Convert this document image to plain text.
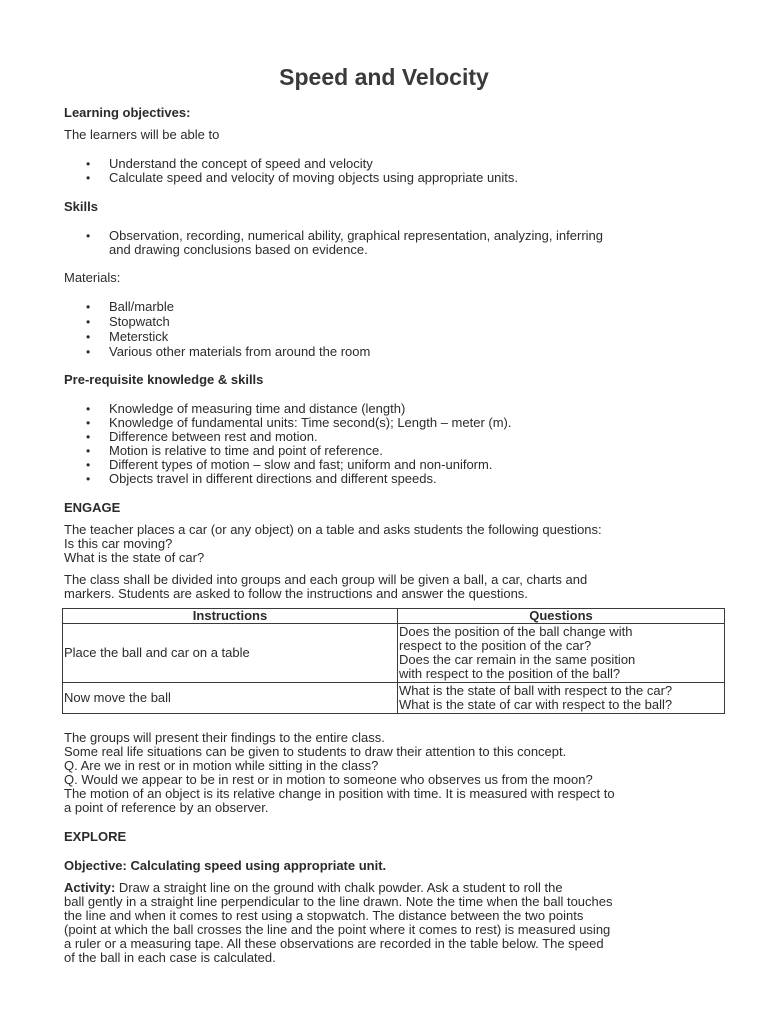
Speed and Velocity
Learning objectives:
The learners will be able to
• Understand the concept of speed and velocity
• Calculate speed and velocity of moving objects using appropriate units.
Skills
• Observation, recording, numerical ability, graphical representation, analyzing, inferring
and drawing conclusions based on evidence.
Materials:
• Ball/marble
• Stopwatch
• Meterstick
• Various other materials from around the room
Pre-requisite knowledge & skills
• Knowledge of measuring time and distance (length)
• Knowledge of fundamental units: Time second(s); Length – meter (m).
• Difference between rest and motion.
• Motion is relative to time and point of reference.
• Different types of motion – slow and fast; uniform and non-uniform.
• Objects travel in different directions and different speeds.
ENGAGE
The teacher places a car (or any object) on a table and asks students the following questions:
Is this car moving?
What is the state of car?
The class shall be divided into groups and each group will be given a ball, a car, charts and
markers. Students are asked to follow the instructions and answer the questions.
Instructions	Questions
Place the ball and car on a table	Does the position of the ball change with
respect to the position of the car?
Does the car remain in the same position
with respect to the position of the ball?

Now move the ball	What is the state of ball with respect to the car?
What is the state of car with respect to the ball?
The groups will present their findings to the entire class.
Some real life situations can be given to students to draw their attention to this concept.
Q. Are we in rest or in motion while sitting in the class?
Q. Would we appear to be in rest or in motion to someone who observes us from the moon?
The motion of an object is its relative change in position with time. It is measured with respect to
a point of reference by an observer.
EXPLORE
Objective: Calculating speed using appropriate unit.
Activity: Draw a straight line on the ground with chalk powder. Ask a student to roll the
ball gently in a straight line perpendicular to the line drawn. Note the time when the ball touches
the line and when it comes to rest using a stopwatch. The distance between the two points
(point at which the ball crosses the line and the point where it comes to rest) is measured using
a ruler or a measuring tape. All these observations are recorded in the table below. The speed
of the ball in each case is calculated.
